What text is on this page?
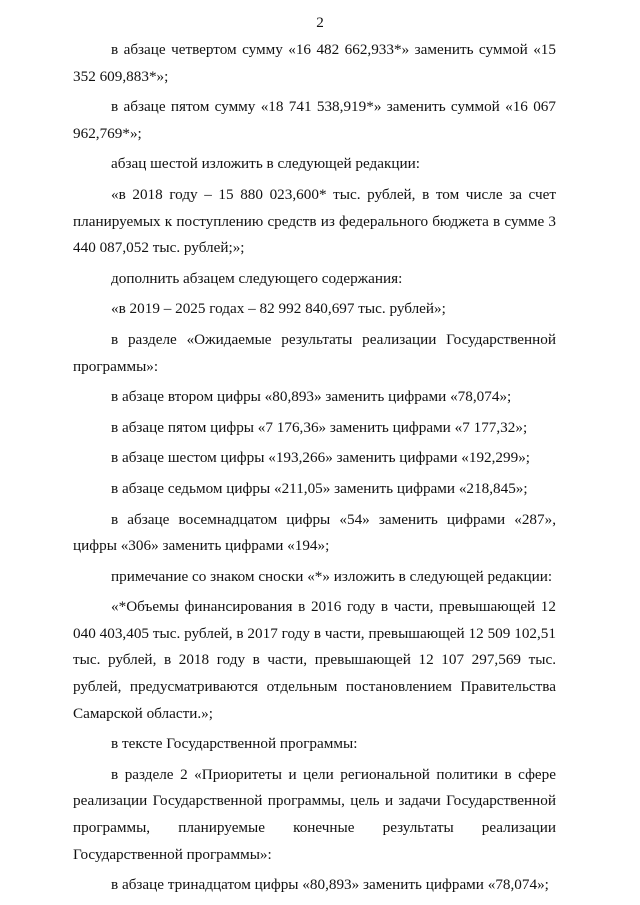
2

в абзаце четвертом сумму «16 482 662,933*» заменить суммой «15 352 609,883*»;

в абзаце пятом сумму «18 741 538,919*» заменить суммой «16 067 962,769*»;

абзац шестой изложить в следующей редакции:

«в 2018 году – 15 880 023,600* тыс. рублей, в том числе за счет планируемых к поступлению средств из федерального бюджета в сумме 3 440 087,052 тыс. рублей;»;

дополнить абзацем следующего содержания:

«в 2019 – 2025 годах – 82 992 840,697 тыс. рублей»;

в разделе «Ожидаемые результаты реализации Государственной программы»:

в абзаце втором цифры «80,893» заменить цифрами «78,074»;

в абзаце пятом цифры «7 176,36» заменить цифрами «7 177,32»;

в абзаце шестом цифры «193,266» заменить цифрами «192,299»;

в абзаце седьмом цифры «211,05» заменить цифрами «218,845»;

в абзаце восемнадцатом цифры «54» заменить цифрами «287», цифры «306» заменить цифрами «194»;

примечание со знаком сноски «*» изложить в следующей редакции:

«*Объемы финансирования в 2016 году в части, превышающей 12 040 403,405 тыс. рублей, в 2017 году в части, превышающей 12 509 102,51 тыс. рублей, в 2018 году в части, превышающей 12 107 297,569 тыс. рублей, предусматриваются отдельным постановлением Правительства Самарской области.»;

в тексте Государственной программы:

в разделе 2 «Приоритеты и цели региональной политики в сфере реализации Государственной программы, цель и задачи Государственной программы, планируемые конечные результаты реализации Государственной программы»:

в абзаце тринадцатом цифры «80,893» заменить цифрами «78,074»;
